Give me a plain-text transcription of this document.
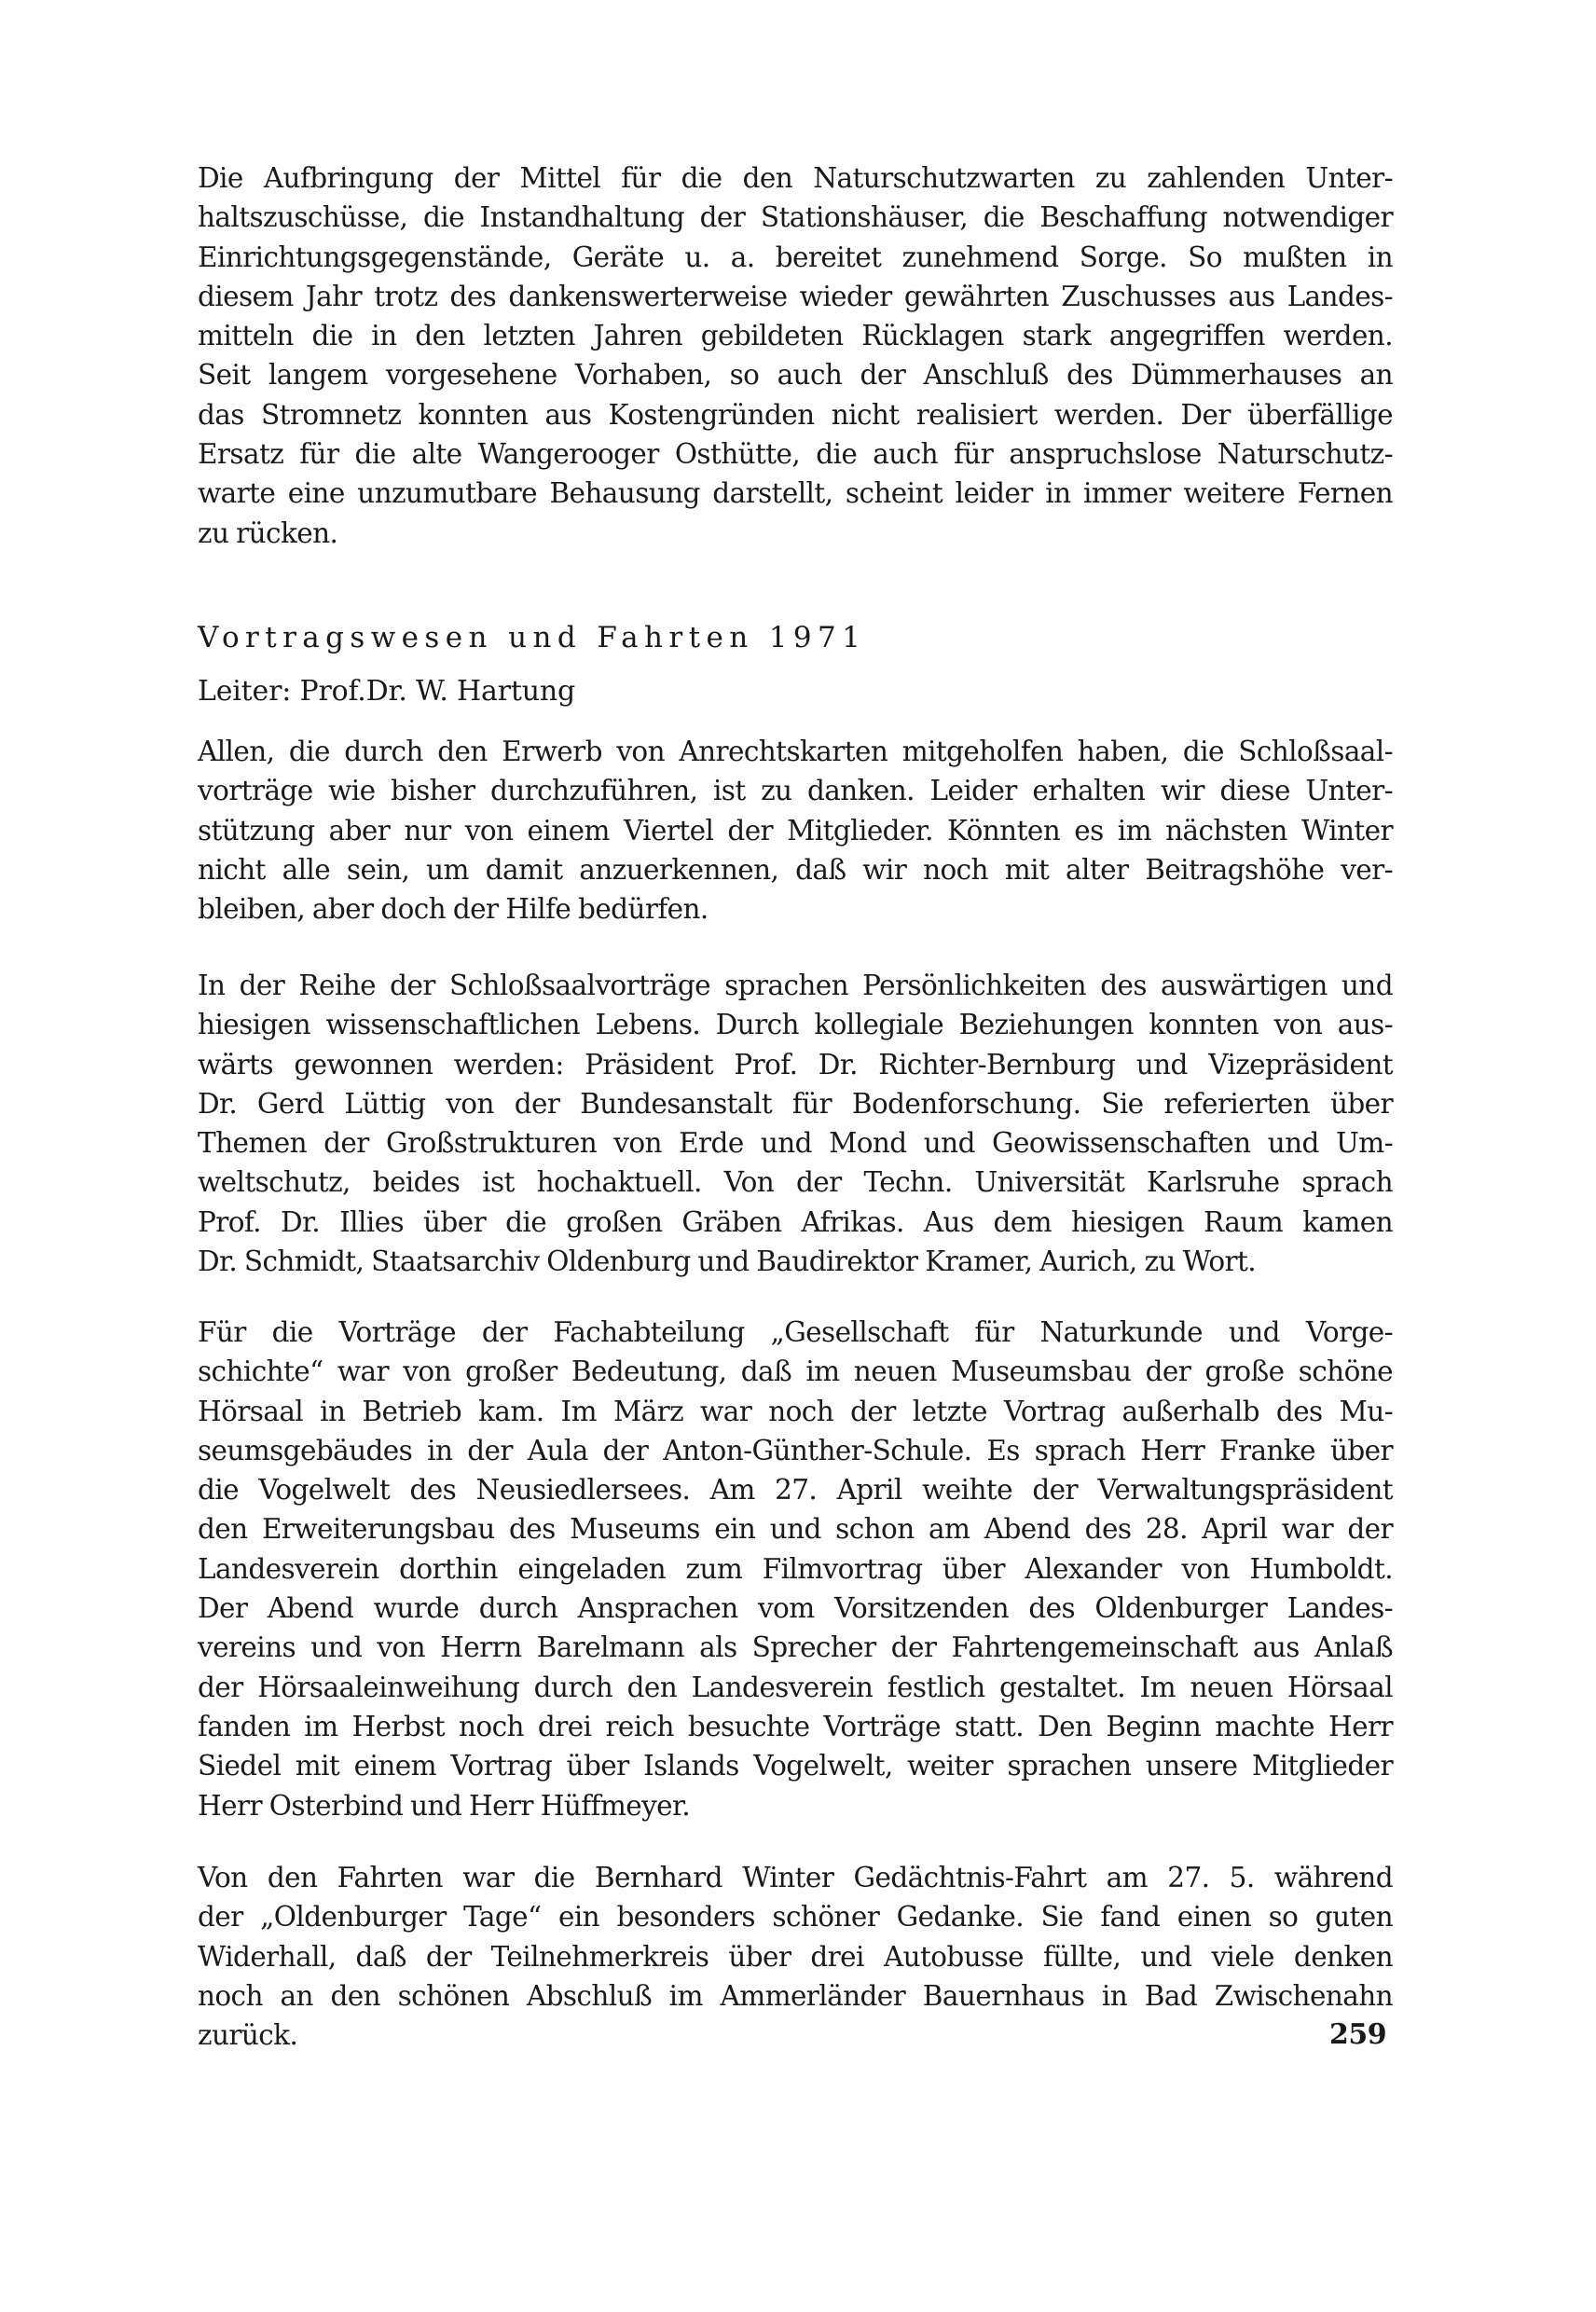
Die Aufbringung der Mittel für die den Naturschutzwarten zu zahlenden Unter-
haltszuschüsse, die Instandhaltung der Stationshäuser, die Beschaffung notwendiger
Einrichtungsgegenstände, Geräte u. a. bereitet zunehmend Sorge. So mußten in
diesem Jahr trotz des dankenswerterweise wieder gewährten Zuschusses aus Landes-
mitteln die in den letzten Jahren gebildeten Rücklagen stark angegriffen werden.
Seit langem vorgesehene Vorhaben, so auch der Anschluß des Dümmerhauses an
das Stromnetz konnten aus Kostengründen nicht realisiert werden. Der überfällige
Ersatz für die alte Wangerooger Osthütte, die auch für anspruchslose Naturschutz-
warte eine unzumutbare Behausung darstellt, scheint leider in immer weitere Fernen
zu rücken.
Vortragswesen und Fahrten 1971
Leiter: Prof.Dr. W. Hartung
Allen, die durch den Erwerb von Anrechtskarten mitgeholfen haben, die Schloßsaal-
vorträge wie bisher durchzuführen, ist zu danken. Leider erhalten wir diese Unter-
stützung aber nur von einem Viertel der Mitglieder. Könnten es im nächsten Winter
nicht alle sein, um damit anzuerkennen, daß wir noch mit alter Beitragshöhe ver-
bleiben, aber doch der Hilfe bedürfen.
In der Reihe der Schloßsaalvorträge sprachen Persönlichkeiten des auswärtigen und
hiesigen wissenschaftlichen Lebens. Durch kollegiale Beziehungen konnten von aus-
wärts gewonnen werden: Präsident Prof. Dr. Richter-Bernburg und Vizepräsident
Dr. Gerd Lüttig von der Bundesanstalt für Bodenforschung. Sie referierten über
Themen der Großstrukturen von Erde und Mond und Geowissenschaften und Um-
weltschutz, beides ist hochaktuell. Von der Techn. Universität Karlsruhe sprach
Prof. Dr. Illies über die großen Gräben Afrikas. Aus dem hiesigen Raum kamen
Dr. Schmidt, Staatsarchiv Oldenburg und Baudirektor Kramer, Aurich, zu Wort.
Für die Vorträge der Fachabteilung „Gesellschaft für Naturkunde und Vorge-
schichte“ war von großer Bedeutung, daß im neuen Museumsbau der große schöne
Hörsaal in Betrieb kam. Im März war noch der letzte Vortrag außerhalb des Mu-
seumsgebäudes in der Aula der Anton-Günther-Schule. Es sprach Herr Franke über
die Vogelwelt des Neusiedlersees. Am 27. April weihte der Verwaltungspräsident
den Erweiterungsbau des Museums ein und schon am Abend des 28. April war der
Landesverein dorthin eingeladen zum Filmvortrag über Alexander von Humboldt.
Der Abend wurde durch Ansprachen vom Vorsitzenden des Oldenburger Landes-
vereins und von Herrn Barelmann als Sprecher der Fahrtengemeinschaft aus Anlaß
der Hörsaaleinweihung durch den Landesverein festlich gestaltet. Im neuen Hörsaal
fanden im Herbst noch drei reich besuchte Vorträge statt. Den Beginn machte Herr
Siedel mit einem Vortrag über Islands Vogelwelt, weiter sprachen unsere Mitglieder
Herr Osterbind und Herr Hüffmeyer.
Von den Fahrten war die Bernhard Winter Gedächtnis-Fahrt am 27. 5. während
der „Oldenburger Tage“ ein besonders schöner Gedanke. Sie fand einen so guten
Widerhall, daß der Teilnehmerkreis über drei Autobusse füllte, und viele denken
noch an den schönen Abschluß im Ammerländer Bauernhaus in Bad Zwischenahn
zurück.	259
